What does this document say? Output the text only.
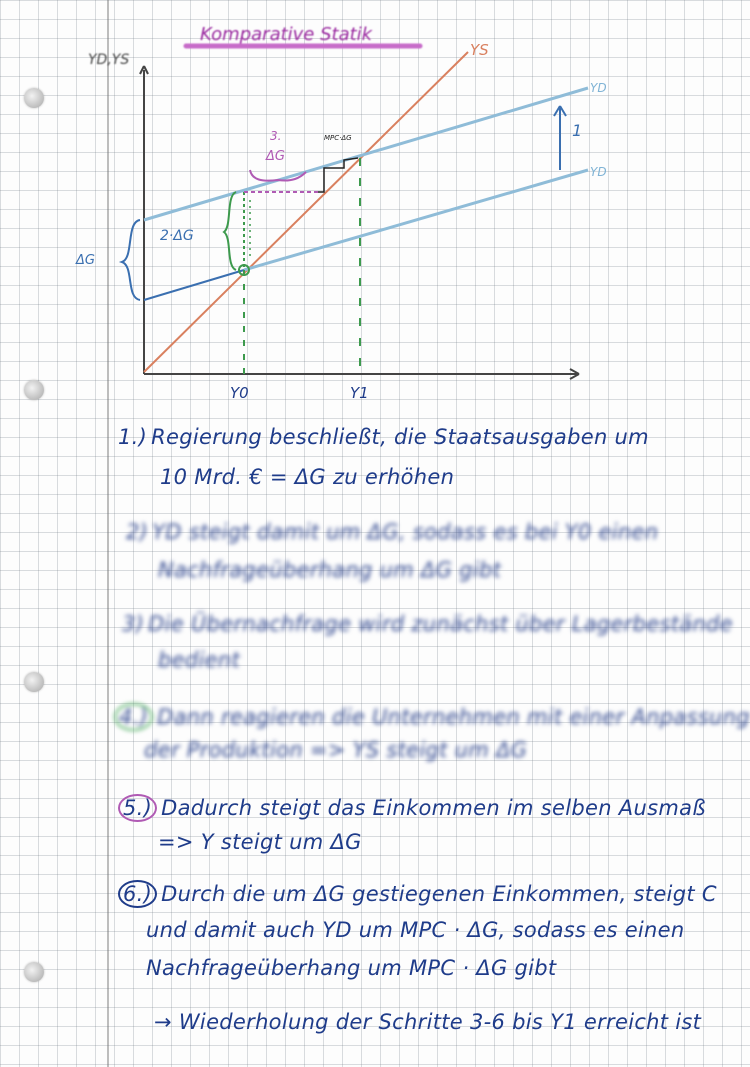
Komparative Statik
YD,YS
YS
YD
YD
1
ΔG
2·ΔG
3.
ΔG
MPC·ΔG
Y0	Y1
1.) Regierung beschließt, die Staatsausgaben um
10 Mrd. € = ΔG zu erhöhen
2) YD steigt damit um ΔG, sodass es bei Y0 einen
Nachfrageüberhang um ΔG gibt
3) Die Übernachfrage wird zunächst über Lagerbestände
bedient
4.) Dann reagieren die Unternehmen mit einer Anpassung
der Produktion => YS steigt um ΔG
5.) Dadurch steigt das Einkommen im selben Ausmaß
=> Y steigt um ΔG
6.) Durch die um ΔG gestiegenen Einkommen, steigt C
und damit auch YD um MPC · ΔG, sodass es einen
Nachfrageüberhang um MPC · ΔG gibt
→ Wiederholung der Schritte 3-6 bis Y1 erreicht ist
